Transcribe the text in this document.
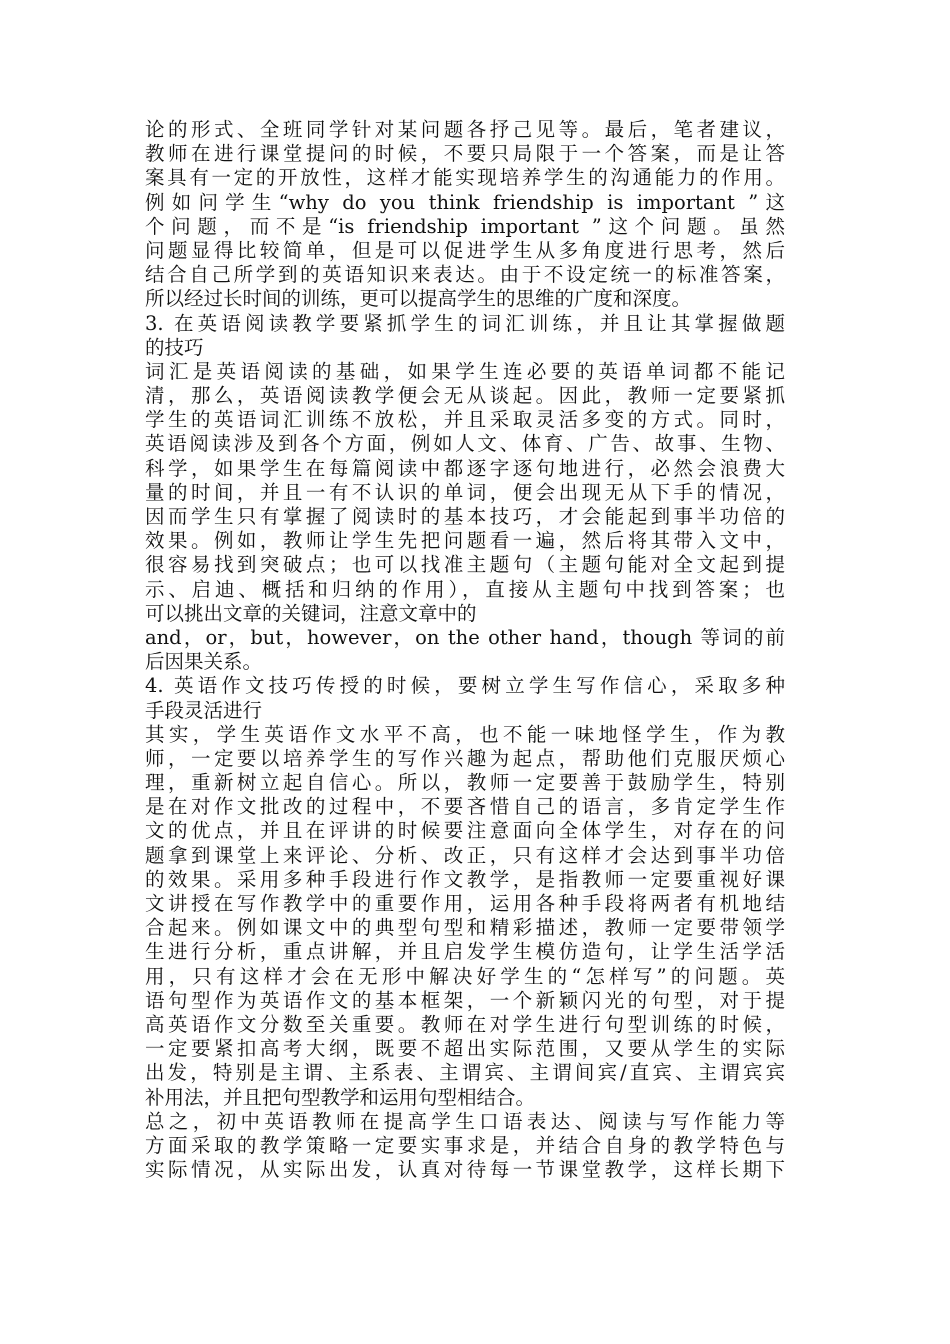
论的形式、全班同学针对某问题各抒己见等。最后，笔者建议，
教师在进行课堂提问的时候，不要只局限于一个答案，而是让答
案具有一定的开放性，这样才能实现培养学生的沟通能力的作用。
例如问学生“why do you think friendship is important ”这
个问题，而不是“is friendship important ”这个问题。虽然
问题显得比较简单，但是可以促进学生从多角度进行思考，然后
结合自己所学到的英语知识来表达。由于不设定统一的标准答案，
所以经过长时间的训练，更可以提高学生的思维的广度和深度。
3. 在英语阅读教学要紧抓学生的词汇训练，并且让其掌握做题
的技巧
词汇是英语阅读的基础，如果学生连必要的英语单词都不能记
清，那么，英语阅读教学便会无从谈起。因此，教师一定要紧抓
学生的英语词汇训练不放松，并且采取灵活多变的方式。同时，
英语阅读涉及到各个方面，例如人文、体育、广告、故事、生物、
科学，如果学生在每篇阅读中都逐字逐句地进行，必然会浪费大
量的时间，并且一有不认识的单词，便会出现无从下手的情况，
因而学生只有掌握了阅读时的基本技巧，才会能起到事半功倍的
效果。例如，教师让学生先把问题看一遍，然后将其带入文中，
很容易找到突破点；也可以找准主题句（主题句能对全文起到提
示、启迪、概括和归纳的作用），直接从主题句中找到答案；也
可以挑出文章的关键词，注意文章中的
and，or，but，however，on the other hand，though 等词的前
后因果关系。
4. 英语作文技巧传授的时候，要树立学生写作信心，采取多种
手段灵活进行
其实，学生英语作文水平不高，也不能一味地怪学生，作为教
师，一定要以培养学生的写作兴趣为起点，帮助他们克服厌烦心
理，重新树立起自信心。所以，教师一定要善于鼓励学生，特别
是在对作文批改的过程中，不要吝惜自己的语言，多肯定学生作
文的优点，并且在评讲的时候要注意面向全体学生，对存在的问
题拿到课堂上来评论、分析、改正，只有这样才会达到事半功倍
的效果。采用多种手段进行作文教学，是指教师一定要重视好课
文讲授在写作教学中的重要作用，运用各种手段将两者有机地结
合起来。例如课文中的典型句型和精彩描述，教师一定要带领学
生进行分析，重点讲解，并且启发学生模仿造句，让学生活学活
用，只有这样才会在无形中解决好学生的“怎样写”的问题。英
语句型作为英语作文的基本框架，一个新颖闪光的句型，对于提
高英语作文分数至关重要。教师在对学生进行句型训练的时候，
一定要紧扣高考大纲，既要不超出实际范围，又要从学生的实际
出发，特别是主谓、主系表、主谓宾、主谓间宾/直宾、主谓宾宾
补用法，并且把句型教学和运用句型相结合。
总之，初中英语教师在提高学生口语表达、阅读与写作能力等
方面采取的教学策略一定要实事求是，并结合自身的教学特色与
实际情况，从实际出发，认真对待每一节课堂教学，这样长期下
